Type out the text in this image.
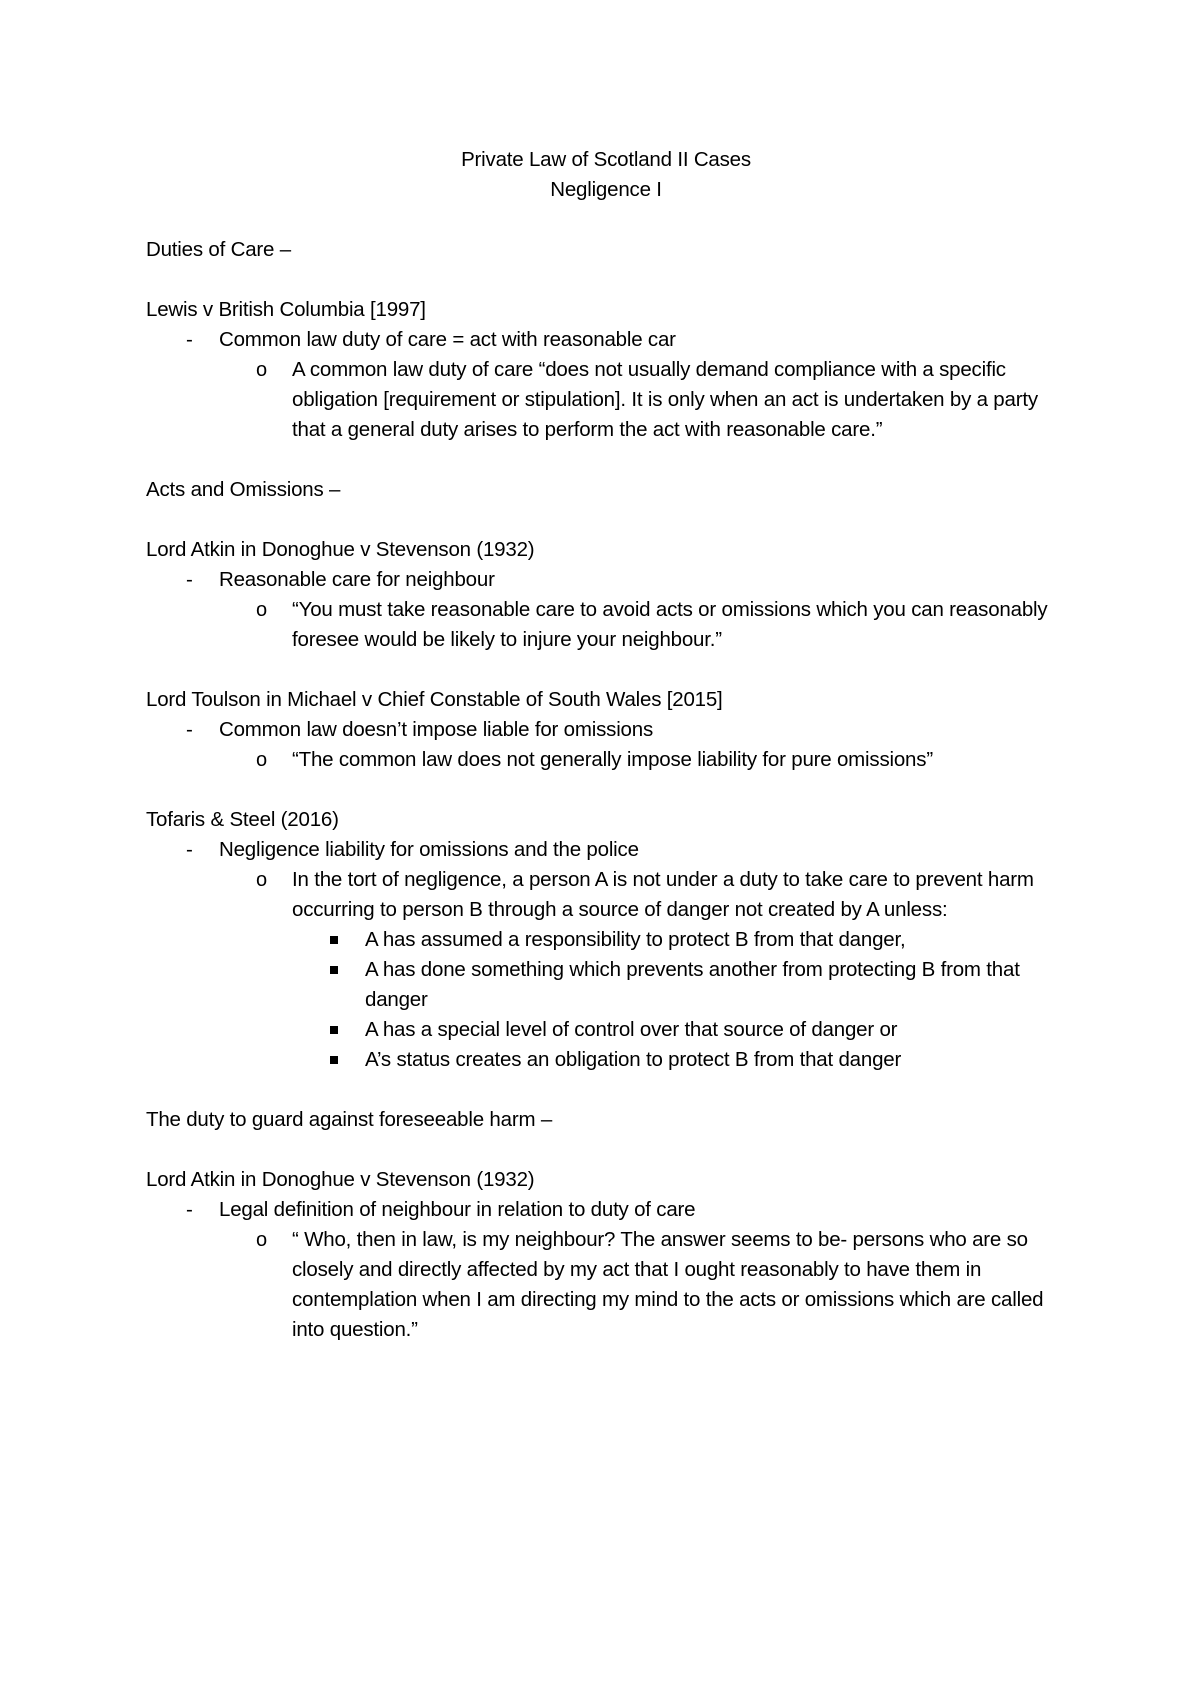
Private Law of Scotland II Cases

Negligence I

Duties of Care –

Lewis v British Columbia [1997]

- Common law duty of care = act with reasonable car
o A common law duty of care “does not usually demand compliance with a specific obligation [requirement or stipulation]. It is only when an act is undertaken by a party that a general duty arises to perform the act with reasonable care.”

Acts and Omissions –

Lord Atkin in Donoghue v Stevenson (1932)

- Reasonable care for neighbour
o “You must take reasonable care to avoid acts or omissions which you can reasonably foresee would be likely to injure your neighbour.”

Lord Toulson in Michael v Chief Constable of South Wales [2015]

- Common law doesn’t impose liable for omissions
o “The common law does not generally impose liability for pure omissions”

Tofaris & Steel (2016)

- Negligence liability for omissions and the police
o In the tort of negligence, a person A is not under a duty to take care to prevent harm occurring to person B through a source of danger not created by A unless:
A has assumed a responsibility to protect B from that danger,
A has done something which prevents another from protecting B from that danger
A has a special level of control over that source of danger or
A’s status creates an obligation to protect B from that danger

The duty to guard against foreseeable harm –

Lord Atkin in Donoghue v Stevenson (1932)

- Legal definition of neighbour in relation to duty of care
o “ Who, then in law, is my neighbour? The answer seems to be- persons who are so closely and directly affected by my act that I ought reasonably to have them in contemplation when I am directing my mind to the acts or omissions which are called into question.”
